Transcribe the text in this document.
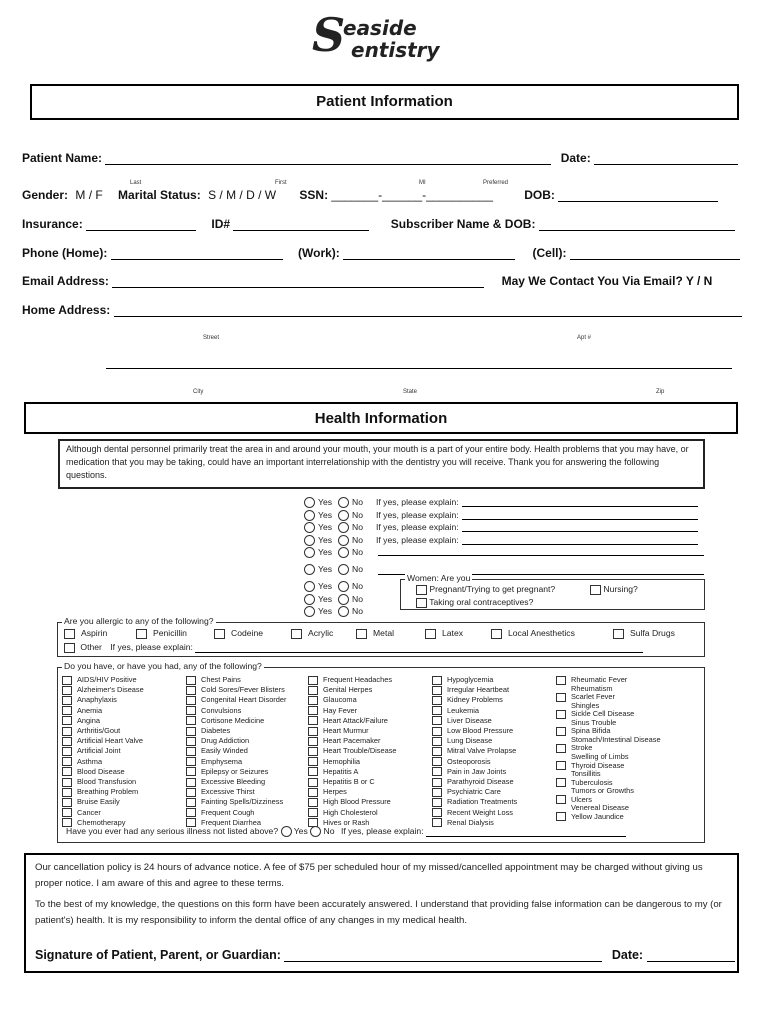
S
easide
entistry
Patient Information
Patient Name:	Date:
Last	First	MI	Preferred
Gender: M / F Marital Status: S / M / D / W SSN: _______-______-__________	DOB:
Insurance:	ID#	Subscriber Name & DOB:
Phone (Home):	(Work):	(Cell):
Email Address:	May We Contact You Via Email? Y / N
Home Address:
Street	Apt #
City	State	Zip
Health Information
Although dental personnel primarily treat the area in and around your mouth, your mouth is a part of your entire body. Health problems that you may have, or medication that you may be taking, could have an important interrelationship with the dentistry you will receive. Thank you for answering the following questions.
Yes No If yes, please explain:
Yes No If yes, please explain:
Yes No If yes, please explain:
Yes No If yes, please explain:
Yes No
Yes No
Yes No
Yes No
Yes No
Women: Are you
Pregnant/Trying to get pregnant?	Nursing?
Taking oral contraceptives?
Are you allergic to any of the following?
Aspirin	Penicillin	Codeine	Acrylic	Metal	Latex	Local Anesthetics	Sulfa Drugs
Other If yes, please explain:
Do you have, or have you had, any of the following?
AIDS/HIV Positive
Alzheimer's Disease
Anaphylaxis
Anemia
Angina
Arthritis/Gout
Artificial Heart Valve
Artificial Joint
Asthma
Blood Disease
Blood Transfusion
Breathing Problem
Bruise Easily
Cancer
Chemotherapy
Chest Pains
Cold Sores/Fever Blisters
Congenital Heart Disorder
Convulsions
Cortisone Medicine
Diabetes
Drug Addiction
Easily Winded
Emphysema
Epilepsy or Seizures
Excessive Bleeding
Excessive Thirst
Fainting Spells/Dizziness
Frequent Cough
Frequent Diarrhea
Frequent Headaches
Genital Herpes
Glaucoma
Hay Fever
Heart Attack/Failure
Heart Murmur
Heart Pacemaker
Heart Trouble/Disease
Hemophilia
Hepatitis A
Hepatitis B or C
Herpes
High Blood Pressure
High Cholesterol
Hives or Rash
Hypoglycemia
Irregular Heartbeat
Kidney Problems
Leukemia
Liver Disease
Low Blood Pressure
Lung Disease
Mitral Valve Prolapse
Osteoporosis
Pain in Jaw Joints
Parathyroid Disease
Psychiatric Care
Radiation Treatments
Recent Weight Loss
Renal Dialysis
Rheumatic Fever
Rheumatism
Scarlet Fever
Shingles
Sickle Cell Disease
Sinus Trouble
Spina Bifida
Stomach/Intestinal Disease
Stroke
Swelling of Limbs
Thyroid Disease
Tonsillitis
Tuberculosis
Tumors or Growths
Ulcers
Venereal Disease
Yellow Jaundice
Have you ever had any serious illness not listed above? Yes No If yes, please explain:
Our cancellation policy is 24 hours of advance notice. A fee of $75 per scheduled hour of my missed/cancelled appointment may be charged without giving us proper notice. I am aware of this and agree to these terms.
To the best of my knowledge, the questions on this form have been accurately answered. I understand that providing false information can be dangerous to my (or patient's) health. It is my responsibility to inform the dental office of any changes in my medical health.
Signature of Patient, Parent, or Guardian:	Date:
